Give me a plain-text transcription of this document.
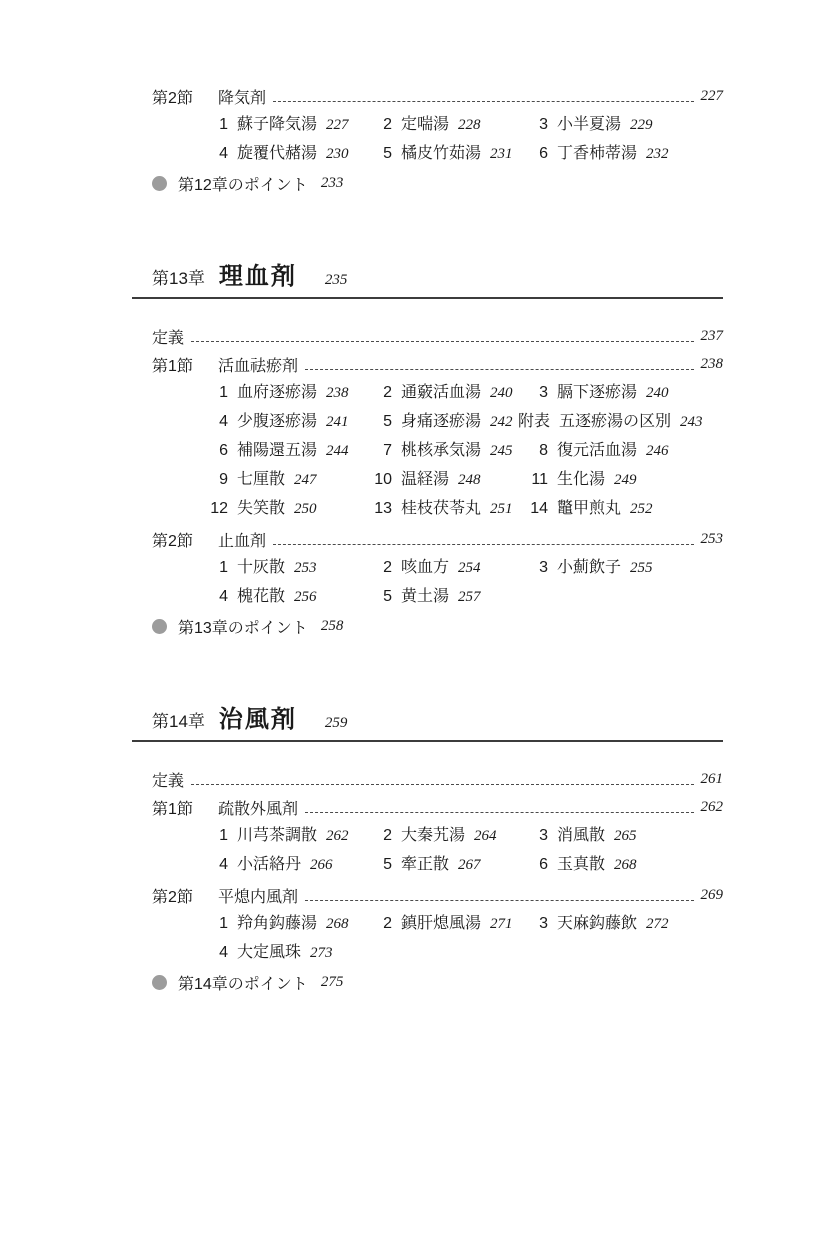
第2節	降気剤	227
1 蘇子降気湯 227	2 定喘湯 228	3 小半夏湯 229
4 旋覆代赭湯 230	5 橘皮竹茹湯 231	6 丁香柿蒂湯 232
第12章のポイント 233
第13章 理血剤 235
定義	237
第1節	活血祛瘀剤	238
1 血府逐瘀湯 238	2 通竅活血湯 240	3 膈下逐瘀湯 240
4 少腹逐瘀湯 241	5 身痛逐瘀湯 242 附表 五逐瘀湯の区別 243
6 補陽還五湯 244	7 桃核承気湯 245	8 復元活血湯 246
9 七厘散 247	10 温経湯 248	11 生化湯 249
12 失笑散 250	13 桂枝茯苓丸 251	14 鼈甲煎丸 252
第2節	止血剤	253
1 十灰散 253	2 咳血方 254	3 小薊飲子 255
4 槐花散 256	5 黄土湯 257
第13章のポイント 258
第14章 治風剤 259
定義	261
第1節	疏散外風剤	262
1 川芎茶調散 262	2 大秦艽湯 264	3 消風散 265
4 小活絡丹 266	5 牽正散 267	6 玉真散 268
第2節	平熄内風剤	269
1 羚角鈎藤湯 268	2 鎮肝熄風湯 271	3 天麻鈎藤飲 272
4 大定風珠 273
第14章のポイント 275
